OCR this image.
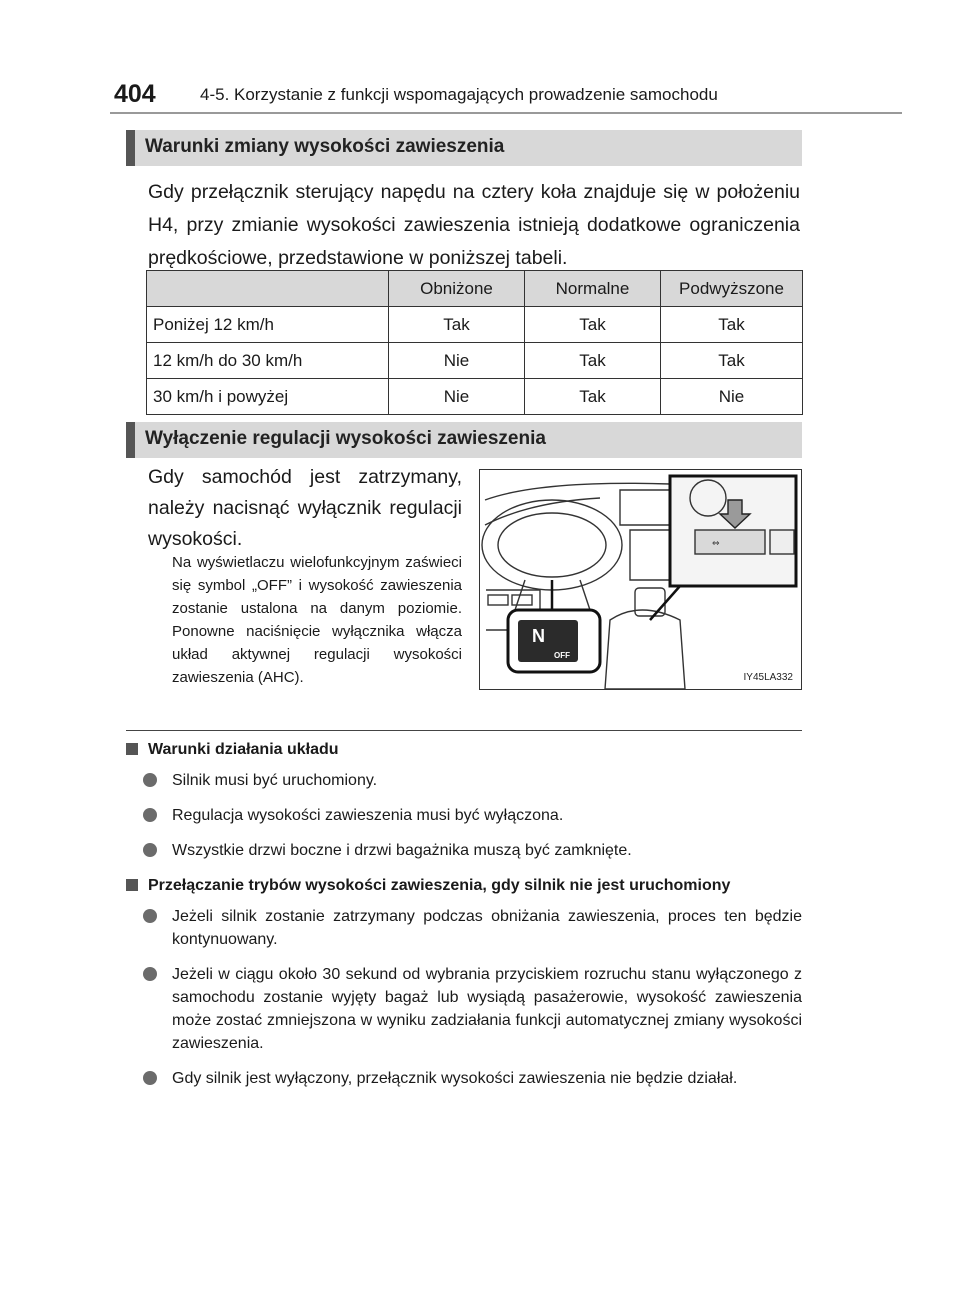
404	4-5. Korzystanie z funkcji wspomagających prowadzenie samochodu
Warunki zmiany wysokości zawieszenia
Gdy przełącznik sterujący napędu na cztery koła znajduje się w położeniu H4, przy zmianie wysokości zawieszenia istnieją dodatkowe ograniczenia prędkościowe, przedstawione w poniższej tabeli.
	Obniżone	Normalne	Podwyższone
Poniżej 12 km/h	Tak	Tak	Tak
12 km/h do 30 km/h	Nie	Tak	Tak
30 km/h i powyżej	Nie	Tak	Nie
Wyłączenie regulacji wysokości zawieszenia
Gdy samochód jest zatrzymany, należy nacisnąć wyłącznik regulacji wysokości.
Na wyświetlaczu wielofunkcyjnym zaświeci się symbol „OFF” i wysokość zawieszenia zostanie ustalona na danym poziomie. Ponowne naciśnięcie wyłącznika włącza układ aktywnej regulacji wysokości zawieszenia (AHC).
⇔
N
OFF
IY45LA332
Warunki działania układu
Silnik musi być uruchomiony.
Regulacja wysokości zawieszenia musi być wyłączona.
Wszystkie drzwi boczne i drzwi bagażnika muszą być zamknięte.
Przełączanie trybów wysokości zawieszenia, gdy silnik nie jest uruchomiony
Jeżeli silnik zostanie zatrzymany podczas obniżania zawieszenia, proces ten będzie kontynuowany.
Jeżeli w ciągu około 30 sekund od wybrania przyciskiem rozruchu stanu wyłączonego z samochodu zostanie wyjęty bagaż lub wysiądą pasażerowie, wysokość zawieszenia może zostać zmniejszona w wyniku zadziałania funkcji automatycznej zmiany wysokości zawieszenia.
Gdy silnik jest wyłączony, przełącznik wysokości zawieszenia nie będzie działał.
